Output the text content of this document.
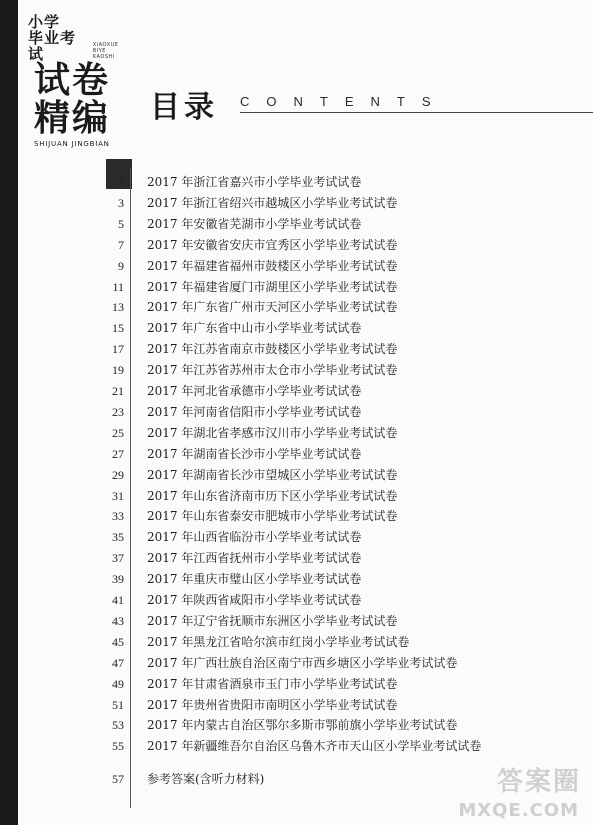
小学
毕业考试	XIAOXUE
BIYE KAOSHI
试卷
精编
SHIJUAN JINGBIAN
目录 CONTENTS
1 2017 年浙江省嘉兴市小学毕业考试试卷
3 2017 年浙江省绍兴市越城区小学毕业考试试卷
5 2017 年安徽省芜湖市小学毕业考试试卷
7 2017 年安徽省安庆市宜秀区小学毕业考试试卷
9 2017 年福建省福州市鼓楼区小学毕业考试试卷
11 2017 年福建省厦门市湖里区小学毕业考试试卷
13 2017 年广东省广州市天河区小学毕业考试试卷
15 2017 年广东省中山市小学毕业考试试卷
17 2017 年江苏省南京市鼓楼区小学毕业考试试卷
19 2017 年江苏省苏州市太仓市小学毕业考试试卷
21 2017 年河北省承德市小学毕业考试试卷
23 2017 年河南省信阳市小学毕业考试试卷
25 2017 年湖北省孝感市汉川市小学毕业考试试卷
27 2017 年湖南省长沙市小学毕业考试试卷
29 2017 年湖南省长沙市望城区小学毕业考试试卷
31 2017 年山东省济南市历下区小学毕业考试试卷
33 2017 年山东省泰安市肥城市小学毕业考试试卷
35 2017 年山西省临汾市小学毕业考试试卷
37 2017 年江西省抚州市小学毕业考试试卷
39 2017 年重庆市璧山区小学毕业考试试卷
41 2017 年陕西省咸阳市小学毕业考试试卷
43 2017 年辽宁省抚顺市东洲区小学毕业考试试卷
45 2017 年黑龙江省哈尔滨市红岗小学毕业考试试卷
47 2017 年广西壮族自治区南宁市西乡塘区小学毕业考试试卷
49 2017 年甘肃省酒泉市玉门市小学毕业考试试卷
51 2017 年贵州省贵阳市南明区小学毕业考试试卷
53 2017 年内蒙古自治区鄂尔多斯市鄂前旗小学毕业考试试卷
55 2017 年新疆维吾尔自治区乌鲁木齐市天山区小学毕业考试试卷
57 参考答案(含听力材料)	答案圈
MXQE.COM
